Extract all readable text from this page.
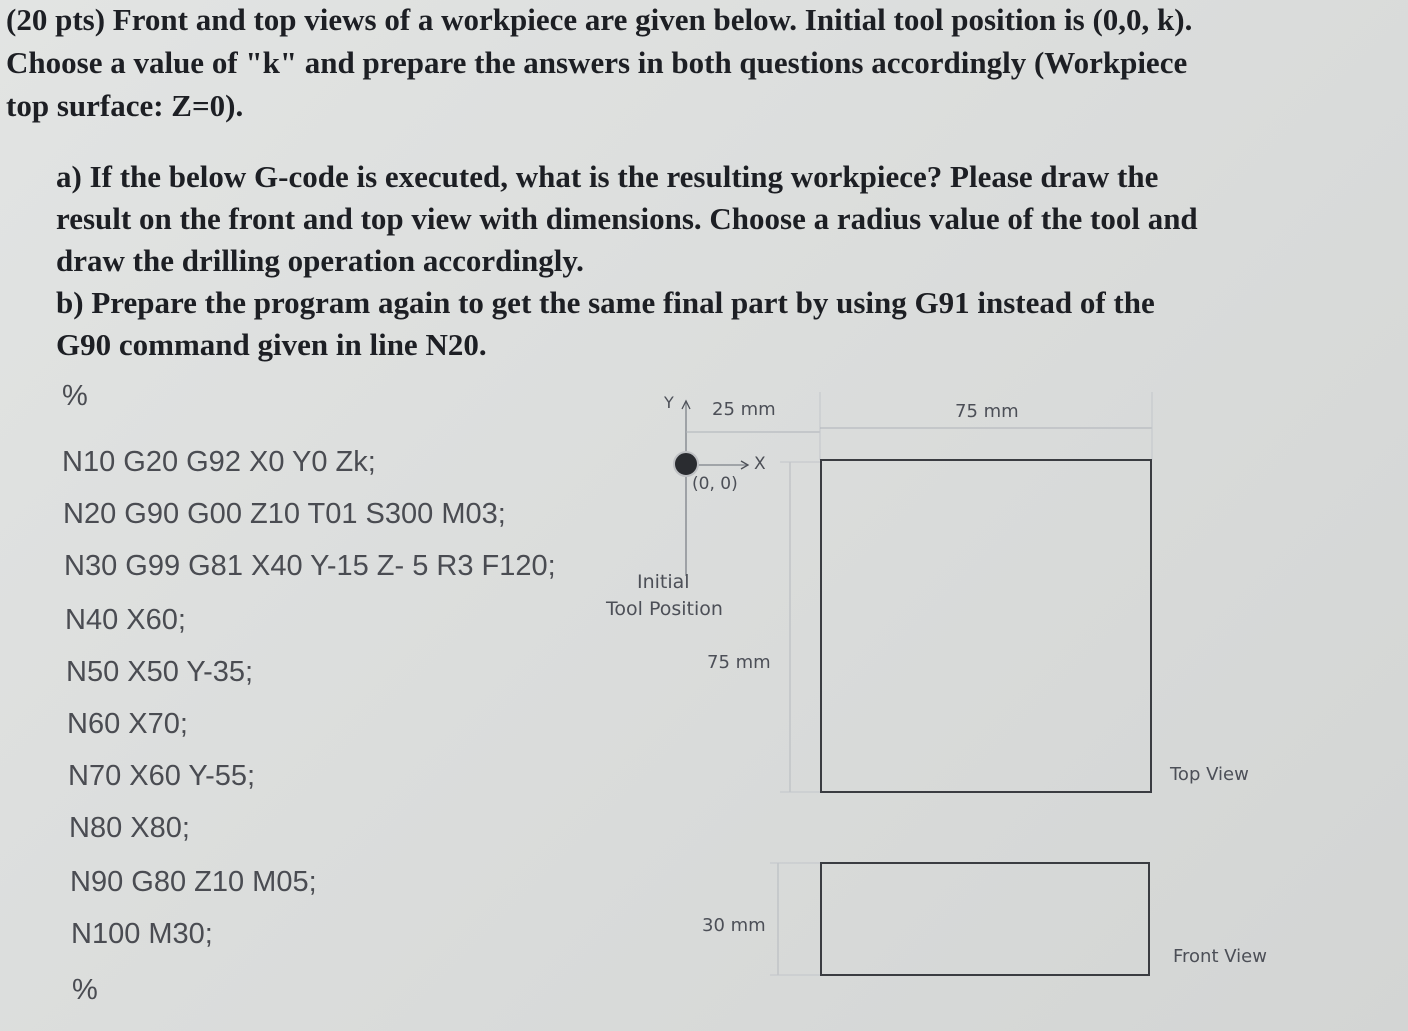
(20 pts) Front and top views of a workpiece are given below. Initial tool position is (0,0, k). Choose a value of "k" and prepare the answers in both questions accordingly (Workpiece top surface: Z=0).

a) If the below G-code is executed, what is the resulting workpiece? Please draw the result on the front and top view with dimensions. Choose a radius value of the tool and draw the drilling operation accordingly.

b) Prepare the program again to get the same final part by using G91 instead of the G90 command given in line N20.

%
N10 G20 G92 X0 Y0 Zk;
N20 G90 G00 Z10 T01 S300 M03;
N30 G99 G81 X40 Y-15 Z- 5 R3 F120;
N40 X60;
N50 X50 Y-35;
N60 X70;
N70 X60 Y-55;
N80 X80;
N90 G80 Z10 M05;
N100 M30;
%
Y
X
(0, 0)
Initial
Tool Position
25 mm	75 mm
75 mm
30 mm
Top View
Front View
